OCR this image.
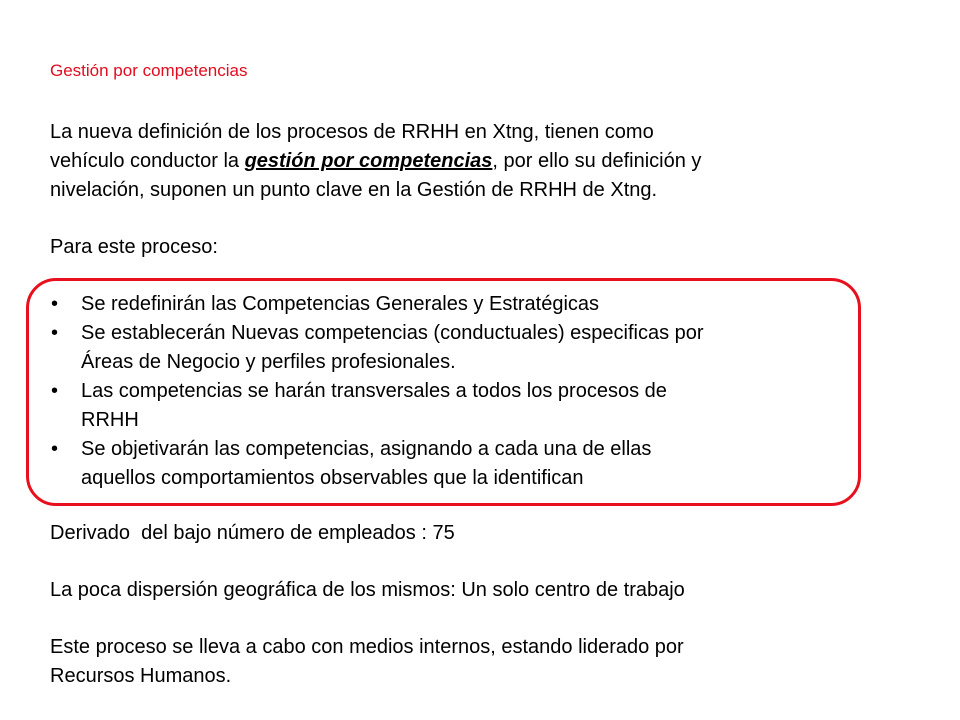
Gestión por competencias
La nueva definición de los procesos de RRHH en Xtng, tienen como
vehículo conductor la gestión por competencias, por ello su definición y
nivelación, suponen un punto clave en la Gestión de RRHH de Xtng.
Para este proceso:
• Se redefinirán las Competencias Generales y Estratégicas
• Se establecerán Nuevas competencias (conductuales) especificas por
Áreas de Negocio y perfiles profesionales.
• Las competencias se harán transversales a todos los procesos de
RRHH
• Se objetivarán las competencias, asignando a cada una de ellas
aquellos comportamientos observables que la identifican
Derivado  del bajo número de empleados : 75
La poca dispersión geográfica de los mismos: Un solo centro de trabajo
Este proceso se lleva a cabo con medios internos, estando liderado por
Recursos Humanos.
